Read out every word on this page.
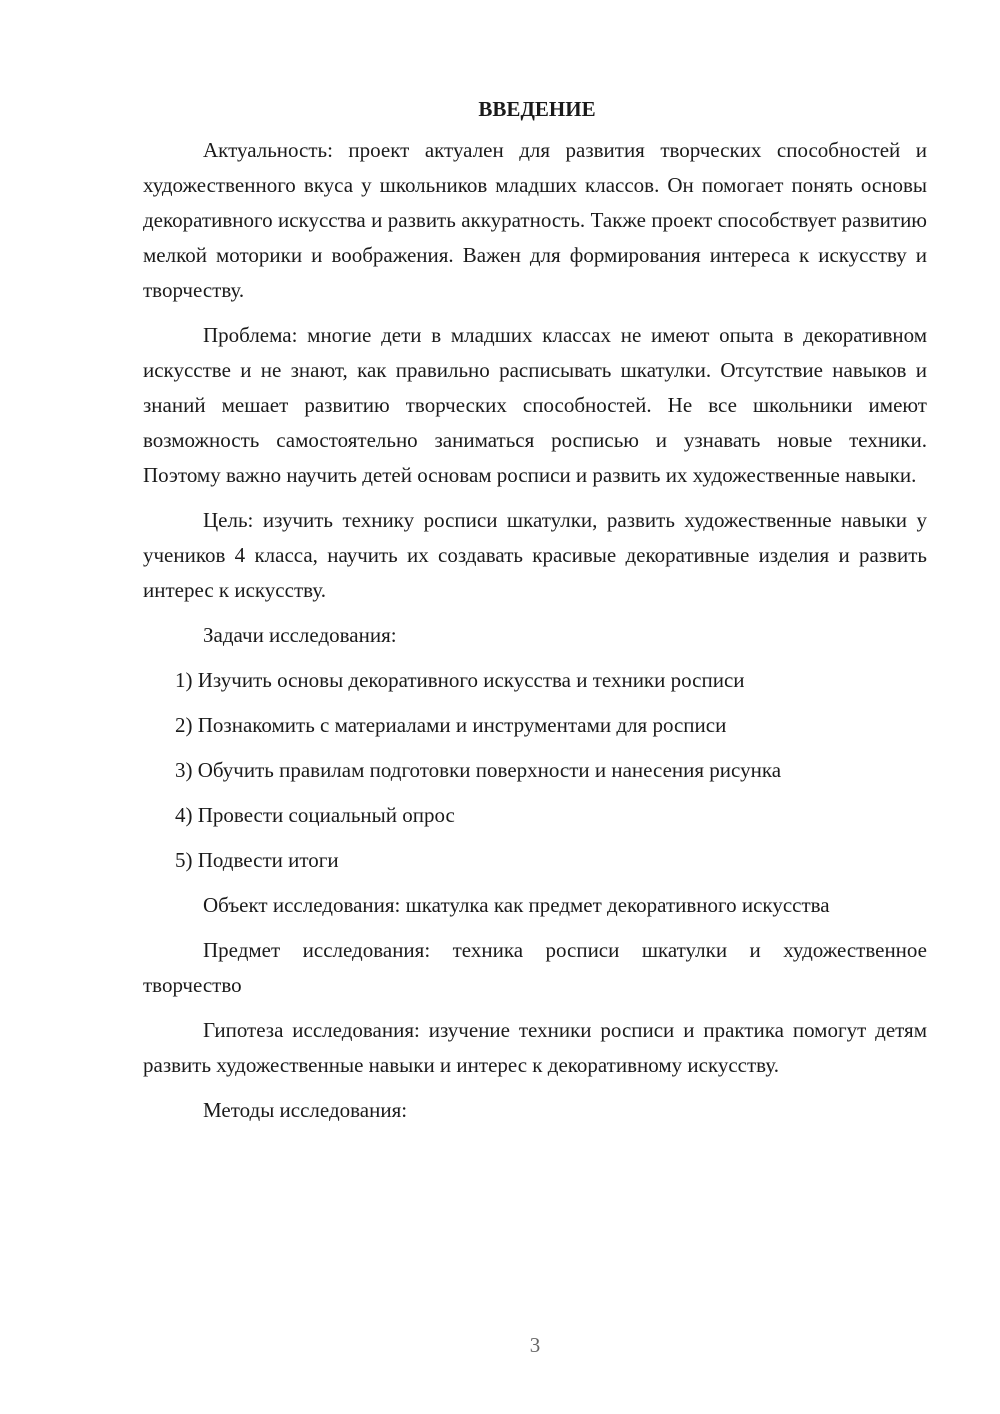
ВВЕДЕНИЕ

Актуальность: проект актуален для развития творческих способностей и художественного вкуса у школьников младших классов. Он помогает понять основы декоративного искусства и развить аккуратность. Также проект способствует развитию мелкой моторики и воображения. Важен для формирования интереса к искусству и творчеству.

Проблема: многие дети в младших классах не имеют опыта в декоративном искусстве и не знают, как правильно расписывать шкатулки. Отсутствие навыков и знаний мешает развитию творческих способностей. Не все школьники имеют возможность самостоятельно заниматься росписью и узнавать новые техники. Поэтому важно научить детей основам росписи и развить их художественные навыки.

Цель: изучить технику росписи шкатулки, развить художественные навыки у учеников 4 класса, научить их создавать красивые декоративные изделия и развить интерес к искусству.

Задачи исследования:

1) Изучить основы декоративного искусства и техники росписи
2) Познакомить с материалами и инструментами для росписи
3) Обучить правилам подготовки поверхности и нанесения рисунка
4) Провести социальный опрос
5) Подвести итоги

Объект исследования: шкатулка как предмет декоративного искусства

Предмет исследования: техника росписи шкатулки и художественное творчество

Гипотеза исследования: изучение техники росписи и практика помогут детям развить художественные навыки и интерес к декоративному искусству.

Методы исследования:

3
